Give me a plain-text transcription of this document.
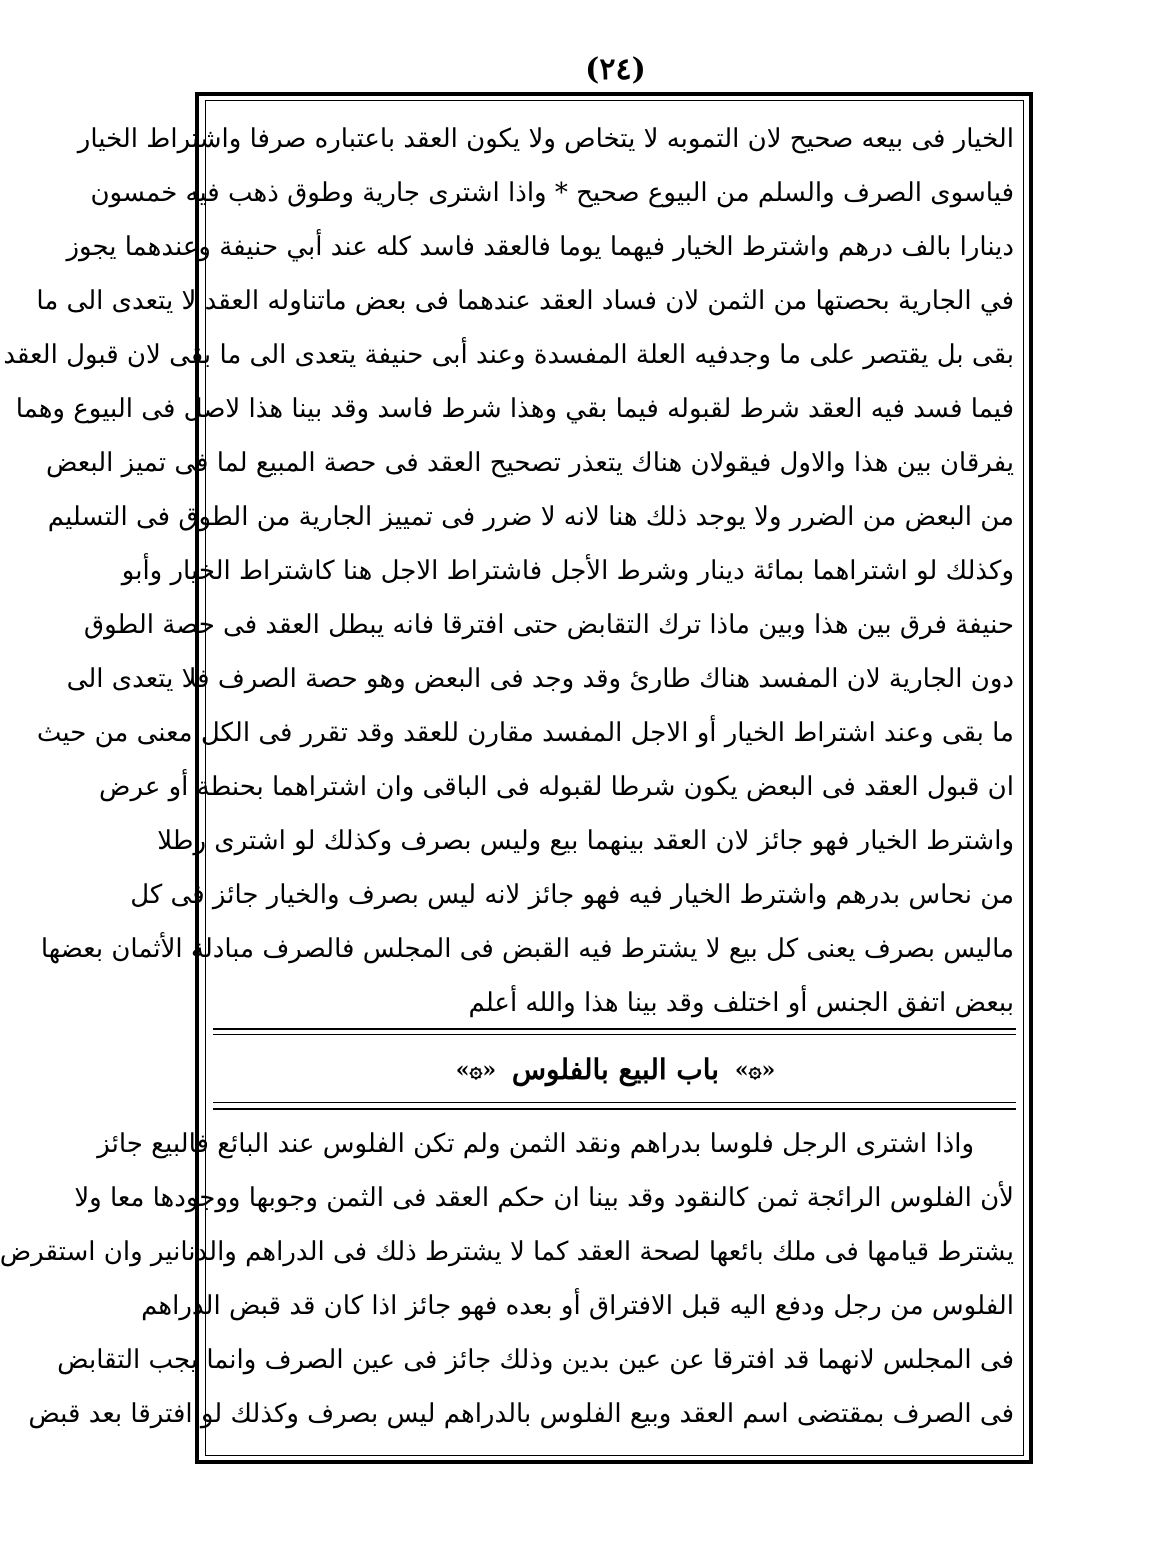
(٢٤)
الخيار فى بيعه صحيح لان التموبه لا يتخاص ولا يكون العقد باعتباره صرفا واشتراط الخيار
فياسوى الصرف والسلم من البيوع صحيح * واذا اشترى جارية وطوق ذهب فيه خمسون
دينارا بالف درهم واشترط الخيار فيهما يوما فالعقد فاسد كله عند أبي حنيفة وعندهما يجوز
في الجارية بحصتها من الثمن لان فساد العقد عندهما فى بعض ماتناوله العقد لا يتعدى الى ما
بقى بل يقتصر على ما وجدفيه العلة المفسدة وعند أبى حنيفة يتعدى الى ما بقى لان قبول العقد
فيما فسد فيه العقد شرط لقبوله فيما بقي وهذا شرط فاسد وقد بينا هذا لاصل فى البيوع وهما
يفرقان بين هذا والاول فيقولان هناك يتعذر تصحيح العقد فى حصة المبيع لما فى تميز البعض
من البعض من الضرر ولا يوجد ذلك هنا لانه لا ضرر فى تمييز الجارية من الطوق فى التسليم
وكذلك لو اشتراهما بمائة دينار وشرط الأجل فاشتراط الاجل هنا كاشتراط الخيار وأبو
حنيفة فرق بين هذا وبين ماذا ترك التقابض حتى افترقا فانه يبطل العقد فى حصة الطوق
دون الجارية لان المفسد هناك طارئ وقد وجد فى البعض وهو حصة الصرف فلا يتعدى الى
ما بقى وعند اشتراط الخيار أو الاجل المفسد مقارن للعقد وقد تقرر فى الكل معنى من حيث
ان قبول العقد فى البعض يكون شرطا لقبوله فى الباقى وان اشتراهما بحنطة أو عرض
واشترط الخيار فهو جائز لان العقد بينهما بيع وليس بصرف وكذلك لو اشترى رطلا
من نحاس بدرهم واشترط الخيار فيه فهو جائز لانه ليس بصرف والخيار جائز فى كل
ماليس بصرف يعنى كل بيع لا يشترط فيه القبض فى المجلس فالصرف مبادلة الأثمان بعضها
ببعض اتفق الجنس أو اختلف وقد بينا هذا والله أعلم
«۞» باب البيع بالفلوس «۞»
واذا اشترى الرجل فلوسا بدراهم ونقد الثمن ولم تكن الفلوس عند البائع فالبيع جائز
لأن الفلوس الرائجة ثمن كالنقود وقد بينا ان حكم العقد فى الثمن وجوبها ووجودها معا ولا
يشترط قيامها فى ملك بائعها لصحة العقد كما لا يشترط ذلك فى الدراهم والدنانير وان استقرض
الفلوس من رجل ودفع اليه قبل الافتراق أو بعده فهو جائز اذا كان قد قبض الدراهم
فى المجلس لانهما قد افترقا عن عين بدين وذلك جائز فى عين الصرف وانما يجب التقابض
فى الصرف بمقتضى اسم العقد وبيع الفلوس بالدراهم ليس بصرف وكذلك لو افترقا بعد قبض
